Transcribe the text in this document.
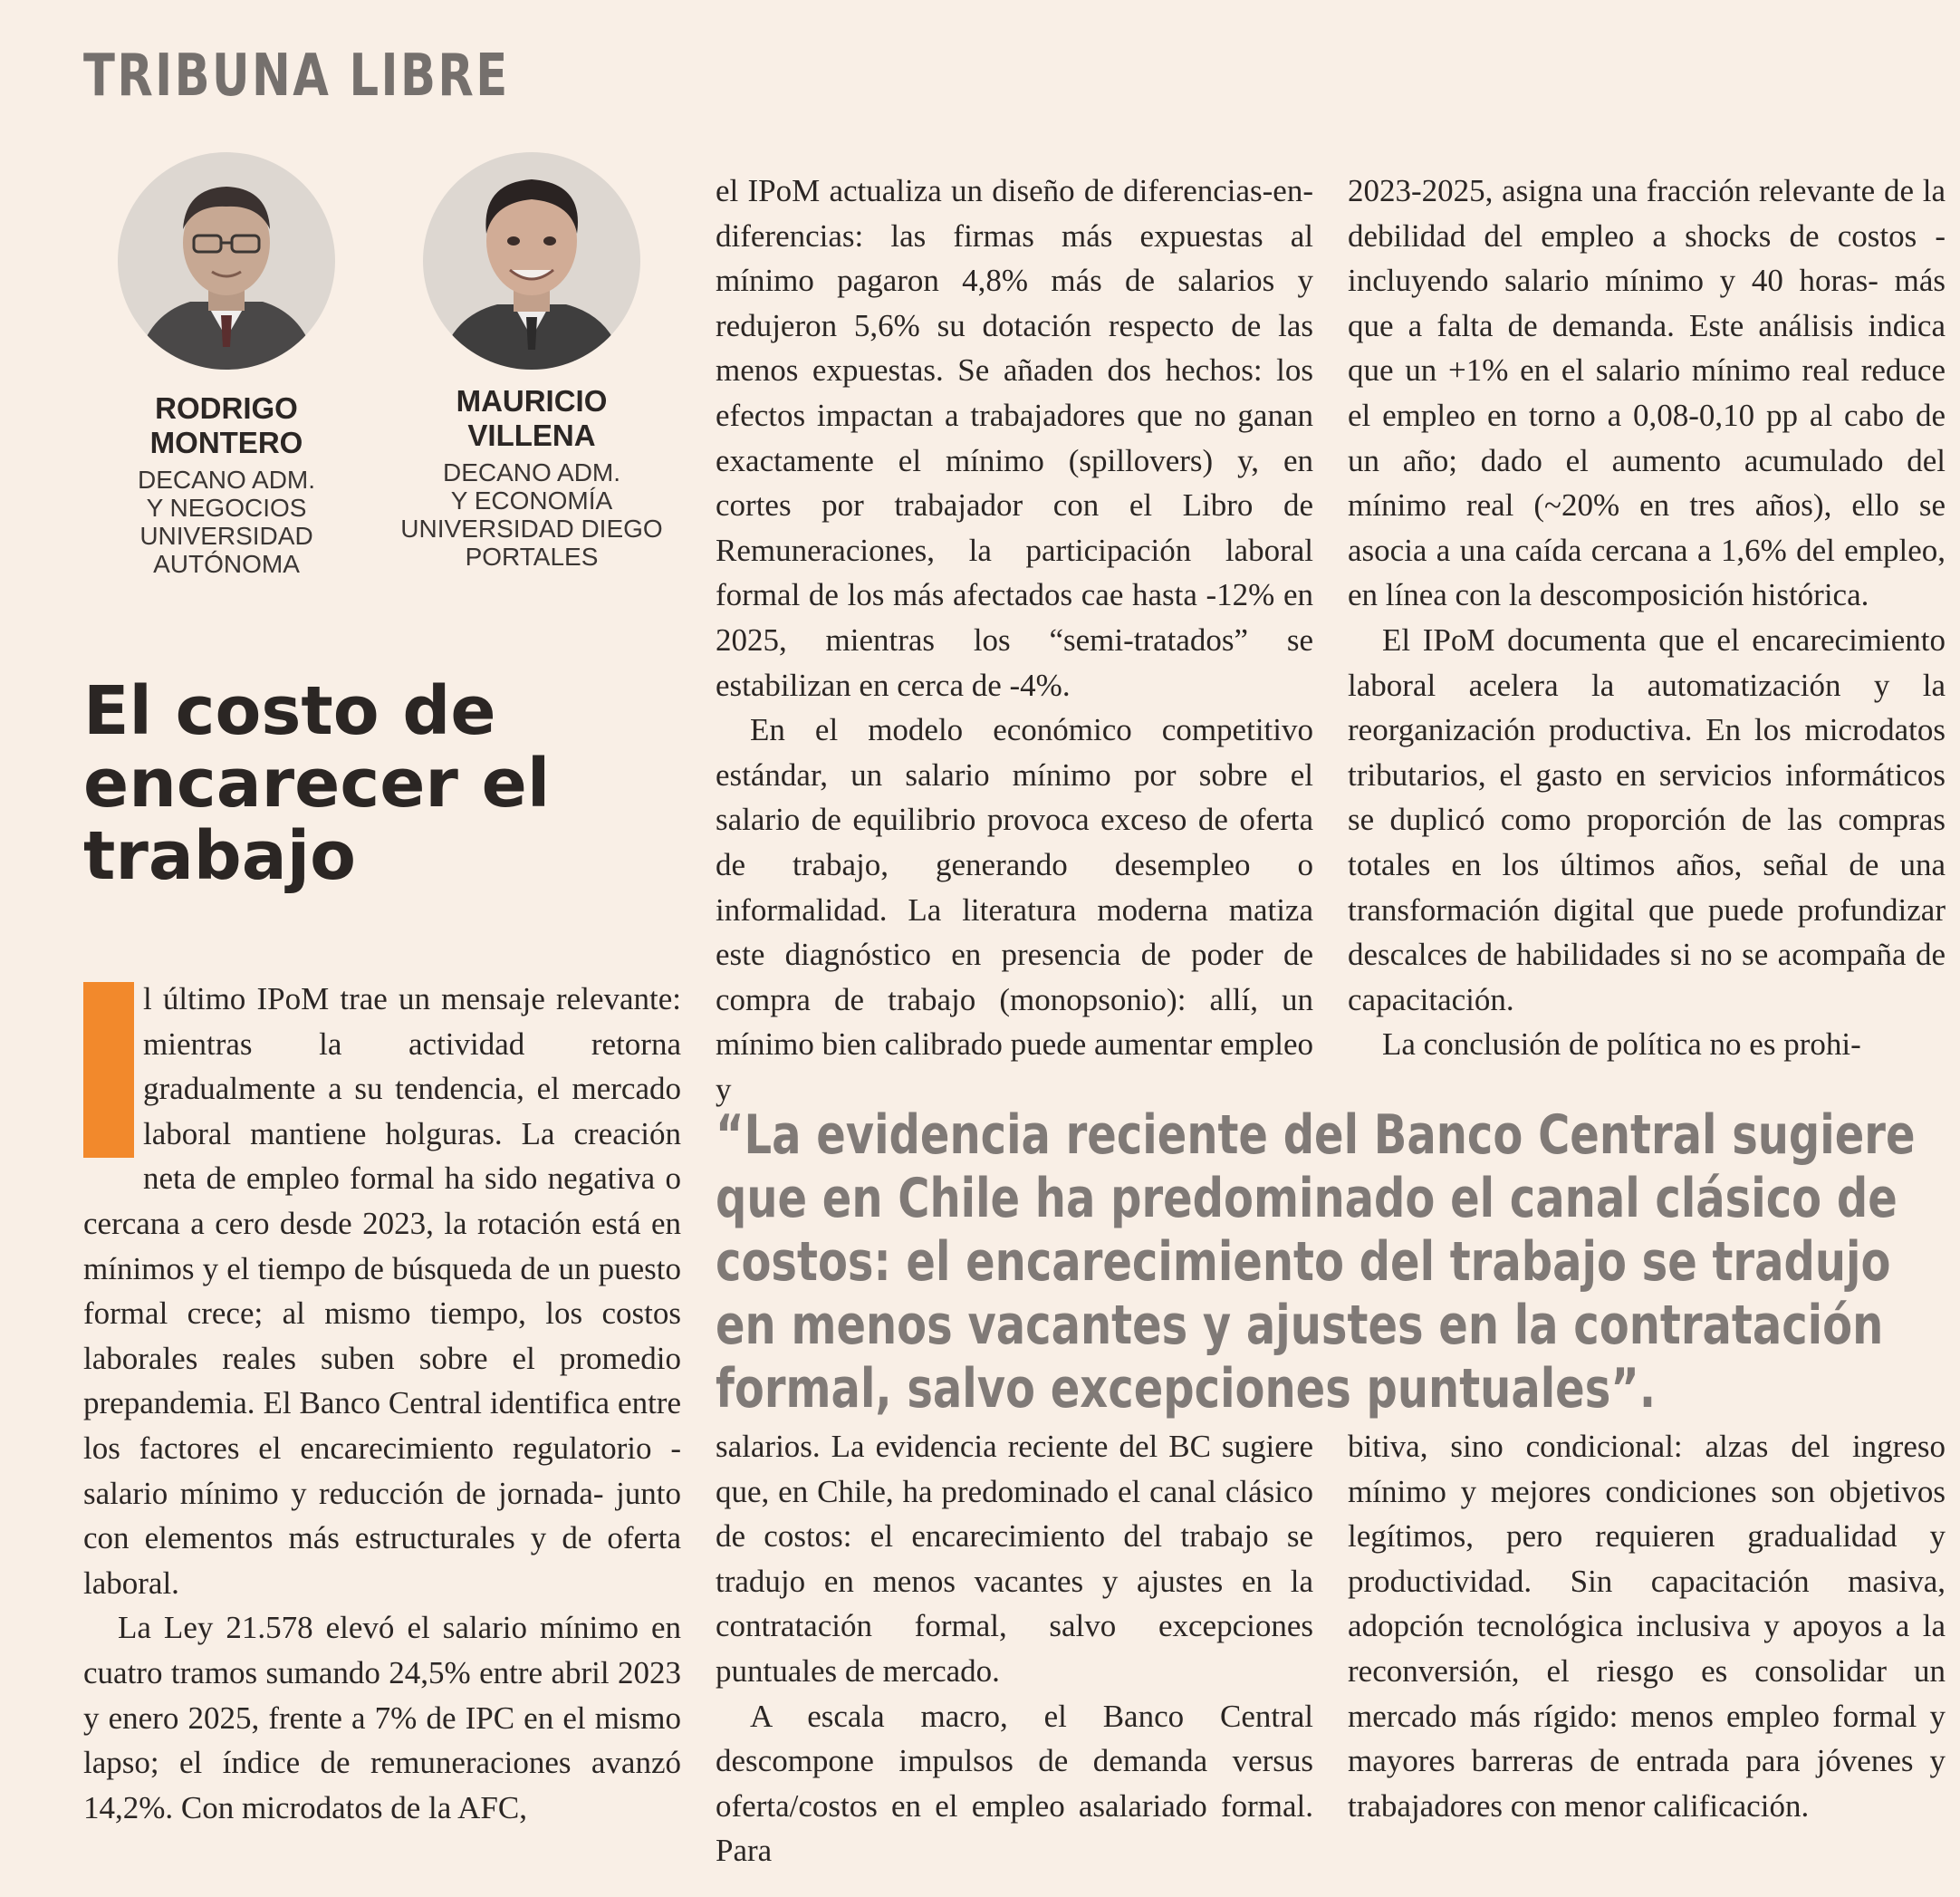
TRIBUNA LIBRE
RODRIGO
MONTERO
DECANO ADM.
Y NEGOCIOS
UNIVERSIDAD
AUTÓNOMA
MAURICIO
VILLENA
DECANO ADM.
Y ECONOMÍA
UNIVERSIDAD DIEGO
PORTALES
El costo de encarecer el trabajo

l último IPoM trae un mensaje relevante: mientras la actividad retorna gradualmente a su tendencia, el mercado laboral mantiene holguras. La creación neta de empleo formal ha sido negativa o cercana a cero desde 2023, la rotación está en mínimos y el tiempo de búsqueda de un puesto formal crece; al mismo tiempo, los costos laborales reales suben sobre el promedio prepandemia. El Banco Central identifica entre los factores el encarecimiento regulatorio -salario mínimo y reducción de jornada- junto con elementos más estructurales y de oferta laboral.

La Ley 21.578 elevó el salario mínimo en cuatro tramos sumando 24,5% entre abril 2023 y enero 2025, frente a 7% de IPC en el mismo lapso; el índice de remuneraciones avanzó 14,2%. Con microdatos de la AFC,

el IPoM actualiza un diseño de diferencias-en-diferencias: las firmas más expuestas al mínimo pagaron 4,8% más de salarios y redujeron 5,6% su dotación respecto de las menos expuestas. Se añaden dos hechos: los efectos impactan a trabajadores que no ganan exactamente el mínimo (spillovers) y, en cortes por trabajador con el Libro de Remuneraciones, la participación laboral formal de los más afectados cae hasta -12% en 2025, mientras los “semi-tratados” se estabilizan en cerca de -4%.

En el modelo económico competitivo estándar, un salario mínimo por sobre el salario de equilibrio provoca exceso de oferta de trabajo, generando desempleo o informalidad. La literatura moderna matiza este diagnóstico en presencia de poder de compra de trabajo (monopsonio): allí, un mínimo bien calibrado puede aumentar empleo y

2023-2025, asigna una fracción relevante de la debilidad del empleo a shocks de costos -incluyendo salario mínimo y 40 horas- más que a falta de demanda. Este análisis indica que un +1% en el salario mínimo real reduce el empleo en torno a 0,08-0,10 pp al cabo de un año; dado el aumento acumulado del mínimo real (~20% en tres años), ello se asocia a una caída cercana a 1,6% del empleo, en línea con la descomposición histórica.

El IPoM documenta que el encarecimiento laboral acelera la automatización y la reorganización productiva. En los microdatos tributarios, el gasto en servicios informáticos se duplicó como proporción de las compras totales en los últimos años, señal de una transformación digital que puede profundizar descalces de habilidades si no se acompaña de capacitación.

La conclusión de política no es prohi-

“La evidencia reciente del Banco Central sugiere que en Chile ha predominado el canal clásico de costos: el encarecimiento del trabajo se tradujo en menos vacantes y ajustes en la contratación formal, salvo excepciones puntuales”.

salarios. La evidencia reciente del BC sugiere que, en Chile, ha predominado el canal clásico de costos: el encarecimiento del trabajo se tradujo en menos vacantes y ajustes en la contratación formal, salvo excepciones puntuales de mercado.

A escala macro, el Banco Central descompone impulsos de demanda versus oferta/costos en el empleo asalariado formal. Para

bitiva, sino condicional: alzas del ingreso mínimo y mejores condiciones son objetivos legítimos, pero requieren gradualidad y productividad. Sin capacitación masiva, adopción tecnológica inclusiva y apoyos a la reconversión, el riesgo es consolidar un mercado más rígido: menos empleo formal y mayores barreras de entrada para jóvenes y trabajadores con menor calificación.
